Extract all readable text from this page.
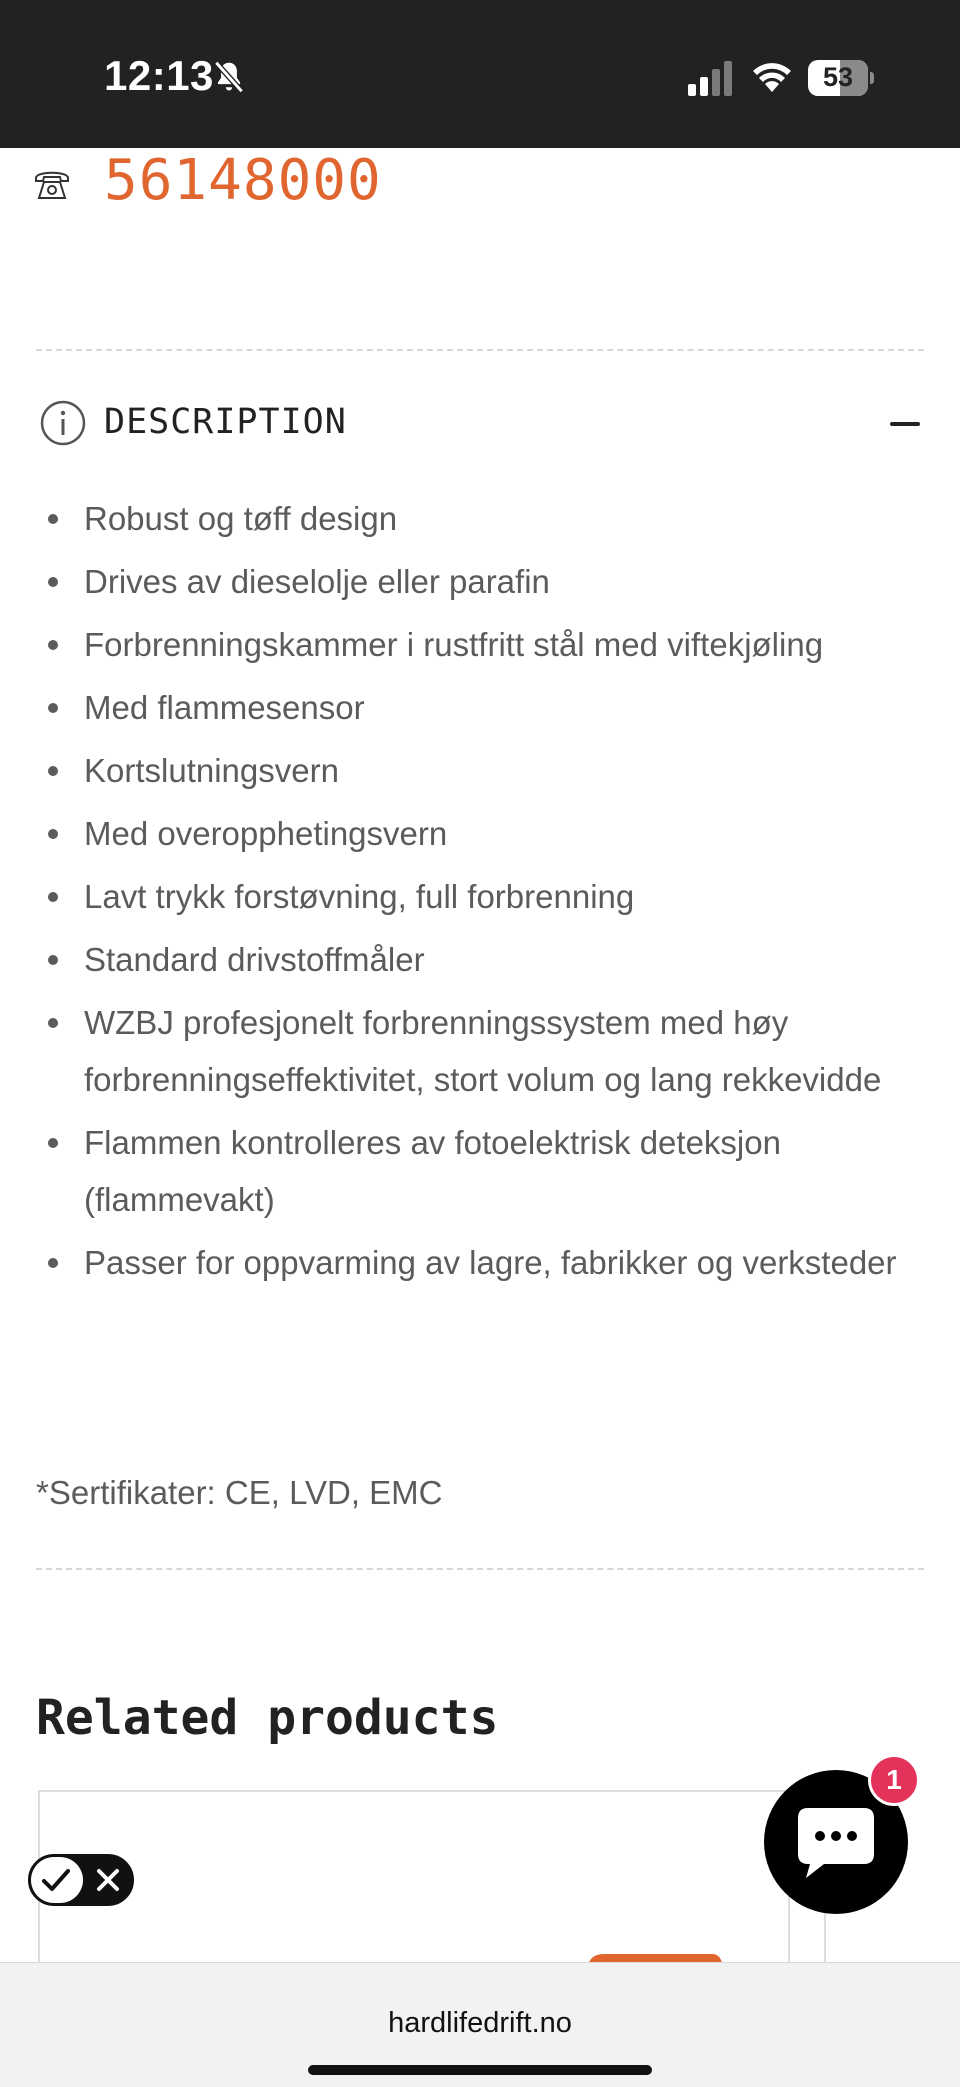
12:13	53
56148000
DESCRIPTION
Robust og tøff design
Drives av dieselolje eller parafin
Forbrenningskammer i rustfritt stål med viftekjøling
Med flammesensor
Kortslutningsvern
Med overopphetingsvern
Lavt trykk forstøvning, full forbrenning
Standard drivstoffmåler
WZBJ profesjonelt forbrenningssystem med høy forbrenningseffektivitet, stort volum og lang rekkevidde
Flammen kontrolleres av fotoelektrisk deteksjon (flammevakt)
Passer for oppvarming av lagre, fabrikker og verksteder

*Sertifikater: CE, LVD, EMC

Related products
1
hardlifedrift.no
